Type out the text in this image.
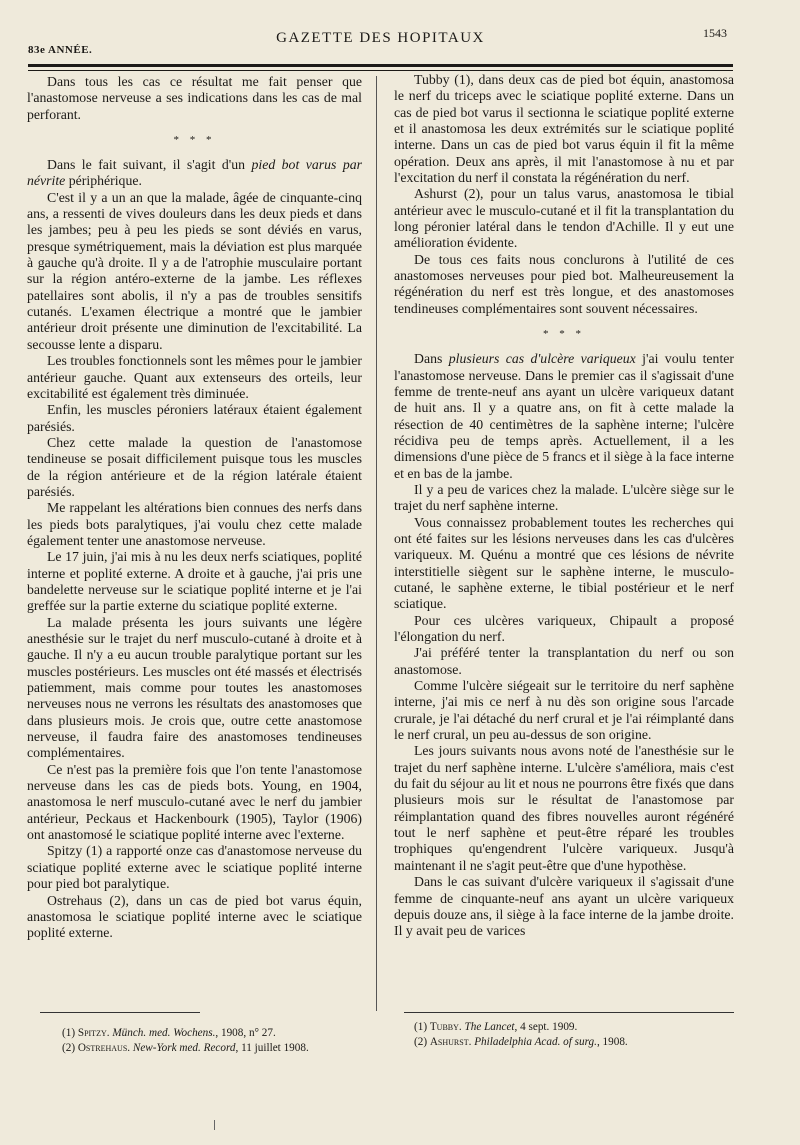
83e ANNÉE.
GAZETTE DES HOPITAUX	1543

Dans tous les cas ce résultat me fait penser que l'anastomose nerveuse a ses indications dans les cas de mal perforant.

* * *

Dans le fait suivant, il s'agit d'un pied bot varus par névrite périphérique.

C'est il y a un an que la malade, âgée de cinquante-cinq ans, a ressenti de vives douleurs dans les deux pieds et dans les jambes; peu à peu les pieds se sont déviés en varus, presque symétriquement, mais la déviation est plus marquée à gauche qu'à droite. Il y a de l'atrophie musculaire portant sur la région antéro-externe de la jambe. Les réflexes patellaires sont abolis, il n'y a pas de troubles sensitifs cutanés. L'examen électrique a montré que le jambier antérieur droit présente une diminution de l'excitabilité. La secousse lente a disparu.

Les troubles fonctionnels sont les mêmes pour le jambier antérieur gauche. Quant aux extenseurs des orteils, leur excitabilité est également très diminuée.

Enfin, les muscles péroniers latéraux étaient également parésiés.

Chez cette malade la question de l'anastomose tendineuse se posait difficilement puisque tous les muscles de la région antérieure et de la région latérale étaient parésiés.

Me rappelant les altérations bien connues des nerfs dans les pieds bots paralytiques, j'ai voulu chez cette malade également tenter une anastomose nerveuse.

Le 17 juin, j'ai mis à nu les deux nerfs sciatiques, poplité interne et poplité externe. A droite et à gauche, j'ai pris une bandelette nerveuse sur le sciatique poplité interne et je l'ai greffée sur la partie externe du sciatique poplité externe.

La malade présenta les jours suivants une légère anesthésie sur le trajet du nerf musculo-cutané à droite et à gauche. Il n'y a eu aucun trouble paralytique portant sur les muscles postérieurs. Les muscles ont été massés et électrisés patiemment, mais comme pour toutes les anastomoses nerveuses nous ne verrons les résultats des anastomoses que dans plusieurs mois. Je crois que, outre cette anastomose nerveuse, il faudra faire des anastomoses tendineuses complémentaires.

Ce n'est pas la première fois que l'on tente l'anastomose nerveuse dans les cas de pieds bots. Young, en 1904, anastomosa le nerf musculo-cutané avec le nerf du jambier antérieur, Peckaus et Hackenbourk (1905), Taylor (1906) ont anastomosé le sciatique poplité interne avec l'externe.

Spitzy (1) a rapporté onze cas d'anastomose nerveuse du sciatique poplité externe avec le sciatique poplité interne pour pied bot paralytique.

Ostrehaus (2), dans un cas de pied bot varus équin, anastomosa le sciatique poplité interne avec le sciatique poplité externe.

Tubby (1), dans deux cas de pied bot équin, anastomosa le nerf du triceps avec le sciatique poplité externe. Dans un cas de pied bot varus il sectionna le sciatique poplité externe et il anastomosa les deux extrémités sur le sciatique poplité interne. Dans un cas de pied bot varus équin il fit la même opération. Deux ans après, il mit l'anastomose à nu et par l'excitation du nerf il constata la régénération du nerf.

Ashurst (2), pour un talus varus, anastomosa le tibial antérieur avec le musculo-cutané et il fit la transplantation du long péronier latéral dans le tendon d'Achille. Il y eut une amélioration évidente.

De tous ces faits nous conclurons à l'utilité de ces anastomoses nerveuses pour pied bot. Malheureusement la régénération du nerf est très longue, et des anastomoses tendineuses complémentaires sont souvent nécessaires.

* * *

Dans plusieurs cas d'ulcère variqueux j'ai voulu tenter l'anastomose nerveuse. Dans le premier cas il s'agissait d'une femme de trente-neuf ans ayant un ulcère variqueux datant de huit ans. Il y a quatre ans, on fit à cette malade la résection de 40 centimètres de la saphène interne; l'ulcère récidiva peu de temps après. Actuellement, il a les dimensions d'une pièce de 5 francs et il siège à la face interne et en bas de la jambe.

Il y a peu de varices chez la malade. L'ulcère siège sur le trajet du nerf saphène interne.

Vous connaissez probablement toutes les recherches qui ont été faites sur les lésions nerveuses dans les cas d'ulcères variqueux. M. Quénu a montré que ces lésions de névrite interstitielle siègent sur le saphène interne, le musculo-cutané, le saphène externe, le tibial postérieur et le nerf sciatique.

Pour ces ulcères variqueux, Chipault a proposé l'élongation du nerf.

J'ai préféré tenter la transplantation du nerf ou son anastomose.

Comme l'ulcère siégeait sur le territoire du nerf saphène interne, j'ai mis ce nerf à nu dès son origine sous l'arcade crurale, je l'ai détaché du nerf crural et je l'ai réimplanté dans le nerf crural, un peu au-dessus de son origine.

Les jours suivants nous avons noté de l'anesthésie sur le trajet du nerf saphène interne. L'ulcère s'améliora, mais c'est du fait du séjour au lit et nous ne pourrons être fixés que dans plusieurs mois sur le résultat de l'anastomose par réimplantation quand des fibres nouvelles auront régénéré tout le nerf saphène et peut-être réparé les troubles trophiques qu'engendrent l'ulcère variqueux. Jusqu'à maintenant il ne s'agit peut-être que d'une hypothèse.

Dans le cas suivant d'ulcère variqueux il s'agissait d'une femme de cinquante-neuf ans ayant un ulcère variqueux depuis douze ans, il siège à la face interne de la jambe droite. Il y avait peu de varices

(1) Spitzy. Münch. med. Wochens., 1908, n° 27.
(2) Ostrehaus. New-York med. Record, 11 juillet 1908.
(1) Tubby. The Lancet, 4 sept. 1909.
(2) Ashurst. Philadelphia Acad. of surg., 1908.
